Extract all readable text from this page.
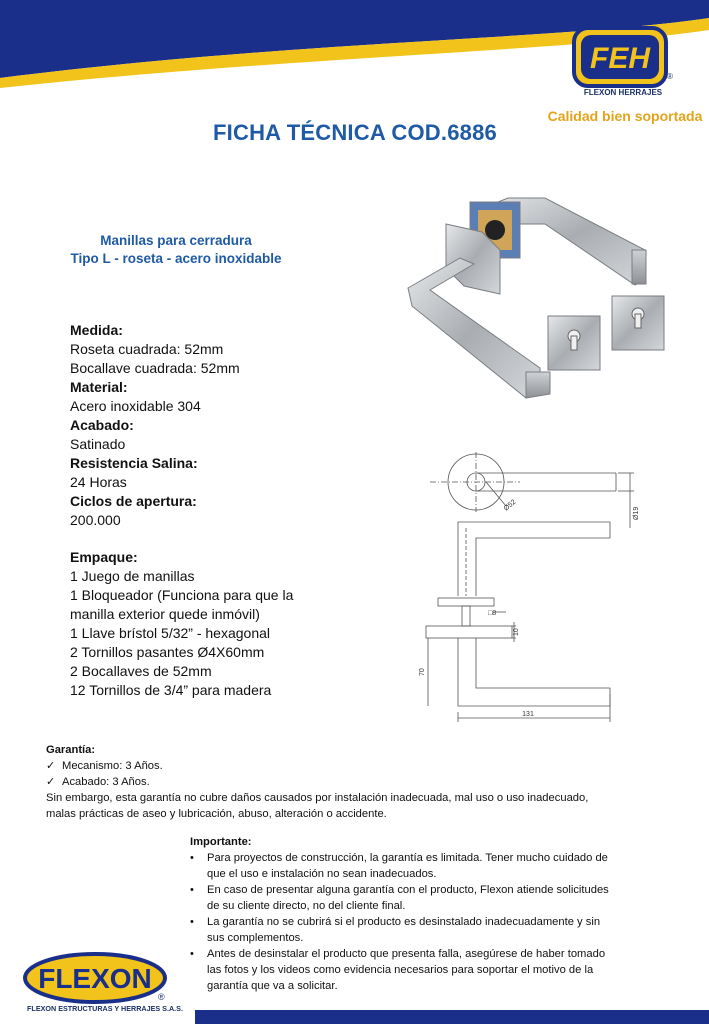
FEH
®
FLEXON HERRAJES
Calidad bien soportada
FICHA TÉCNICA COD.6886
Manillas para cerradura
Tipo L - roseta - acero inoxidable
Medida:
Roseta cuadrada: 52mm
Bocallave cuadrada: 52mm
Material:
Acero inoxidable 304
Acabado:
Satinado
Resistencia Salina:
24 Horas
Ciclos de apertura:
200.000
Empaque:
1 Juego de manillas
1 Bloqueador (Funciona para que la
manilla exterior quede inmóvil)
1 Llave brístol 5/32” - hexagonal
2 Tornillos pasantes Ø4X60mm
2 Bocallaves de 52mm
12 Tornillos de 3/4” para madera
Ø52
Ø19
□8
10
70
131
Garantía:
✓ Mecanismo: 3 Años.
✓ Acabado: 3 Años.
Sin embargo, esta garantía no cubre daños causados por instalación inadecuada, mal uso o uso inadecuado,
malas prácticas de aseo y lubricación, abuso, alteración o accidente.
Importante:
• Para proyectos de construcción, la garantía es limitada. Tener mucho cuidado de
que el uso e instalación no sean inadecuados.
• En caso de presentar alguna garantía con el producto, Flexon atiende solicitudes
de su cliente directo, no del cliente final.
• La garantía no se cubrirá si el producto es desinstalado inadecuadamente y sin
sus complementos.
• Antes de desinstalar el producto que presenta falla, asegúrese de haber tomado
las fotos y los videos como evidencia necesarios para soportar el motivo de la
garantía que va a solicitar.
FLEXON
®
FLEXON ESTRUCTURAS Y HERRAJES S.A.S.
